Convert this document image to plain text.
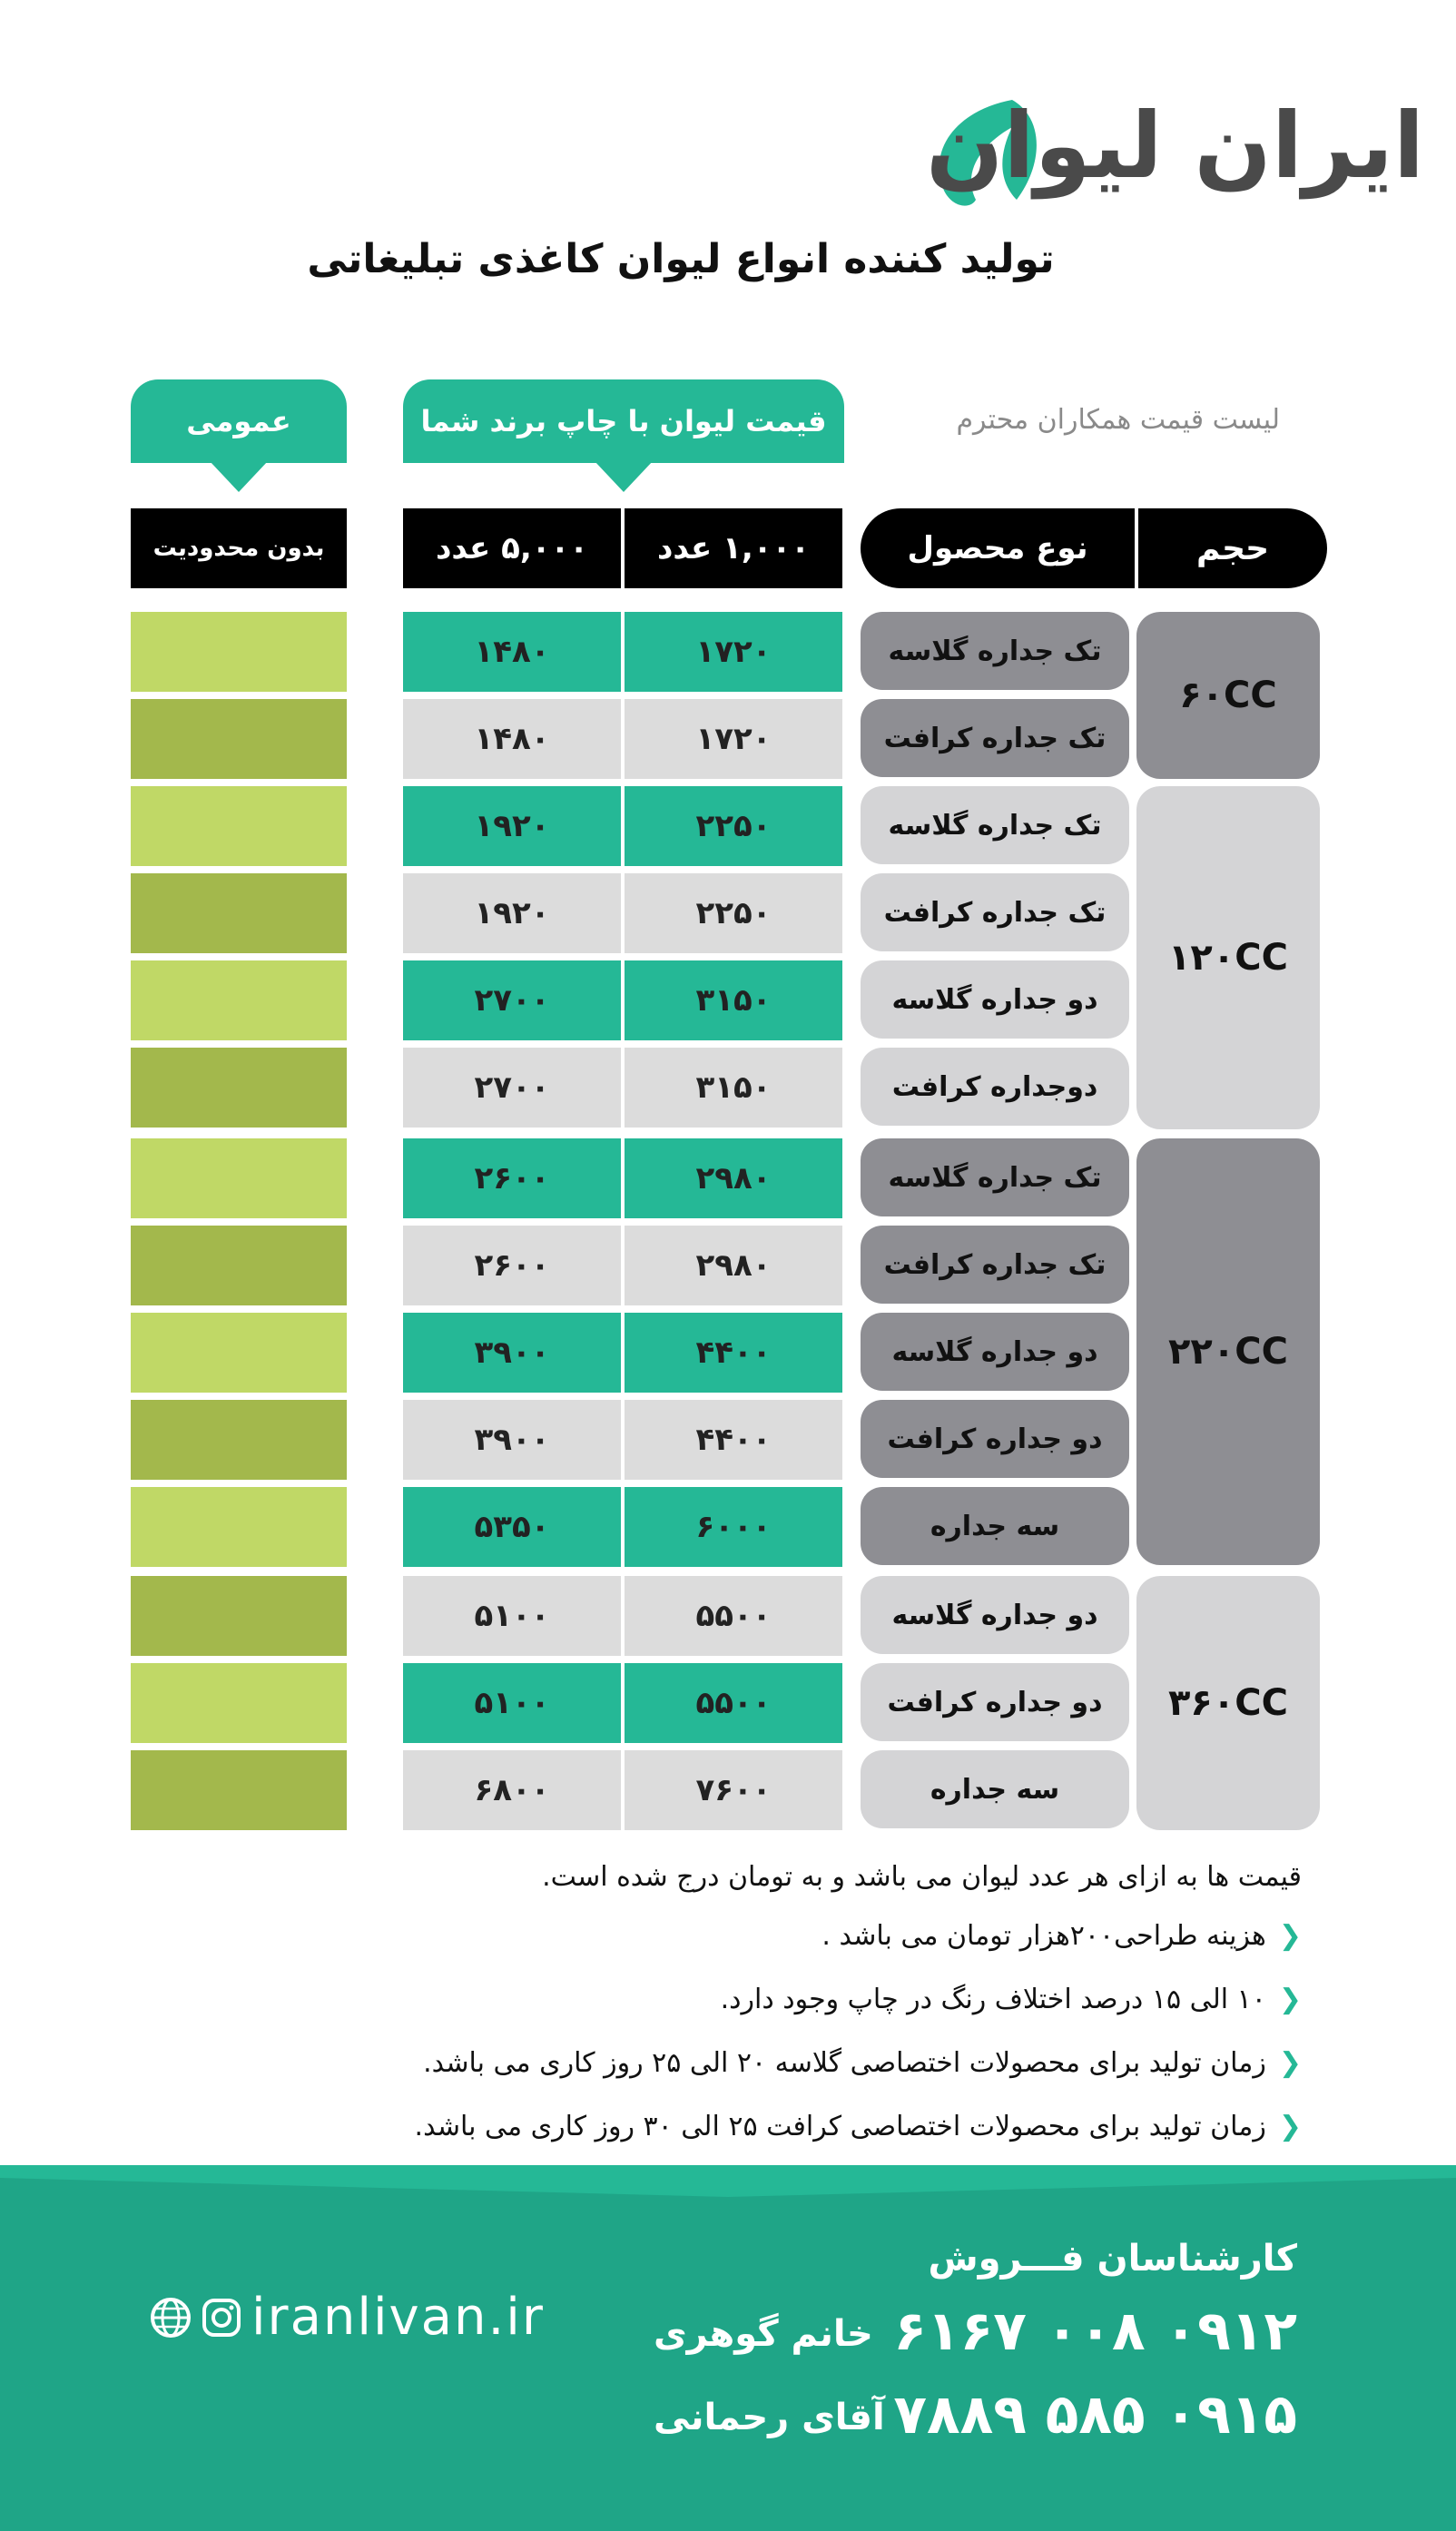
ایران لیوان
تولید کننده انواع لیوان کاغذی تبلیغاتی
لیست قیمت همکاران محترم
قیمت لیوان با چاپ برند شما
عمومی
نوع محصول	حجم
۱,۰۰۰ عدد
۵,۰۰۰ عدد
بدون محدودیت
۶۰CC
۱۲۰CC
۲۲۰CC
۳۶۰CC
تک جداره گلاسه
تک جداره کرافت
تک جداره گلاسه
تک جداره کرافت
دو جداره گلاسه
دوجداره کرافت
تک جداره گلاسه
تک جداره کرافت
دو جداره گلاسه
دو جداره کرافت
سه جداره
دو جداره گلاسه
دو جداره کرافت
سه جداره
۱۷۲۰
۱۷۲۰
۲۲۵۰
۲۲۵۰
۳۱۵۰
۳۱۵۰
۲۹۸۰
۲۹۸۰
۴۴۰۰
۴۴۰۰
۶۰۰۰
۵۵۰۰
۵۵۰۰
۷۶۰۰
۱۴۸۰
۱۴۸۰
۱۹۲۰
۱۹۲۰
۲۷۰۰
۲۷۰۰
۲۶۰۰
۲۶۰۰
۳۹۰۰
۳۹۰۰
۵۳۵۰
۵۱۰۰
۵۱۰۰
۶۸۰۰
قیمت ها به ازای هر عدد لیوان می باشد و به تومان درج شده است.
❮هزینه طراحی۲۰۰هزار تومان می باشد .
❮۱۰ الی ۱۵ درصد اختلاف رنگ در چاپ وجود دارد.
❮زمان تولید برای محصولات اختصاصی گلاسه ۲۰ الی ۲۵ روز کاری می باشد.
❮زمان تولید برای محصولات اختصاصی کرافت ۲۵ الی ۳۰ روز کاری می باشد.
iranlivan.ir
کارشناسان فـــروش
۰۹۱۲ ۰۰۸ ۶۱۶۷
خانم گوهری
۰۹۱۵ ۵۸۵ ۷۸۸۹
آقای رحمانی
